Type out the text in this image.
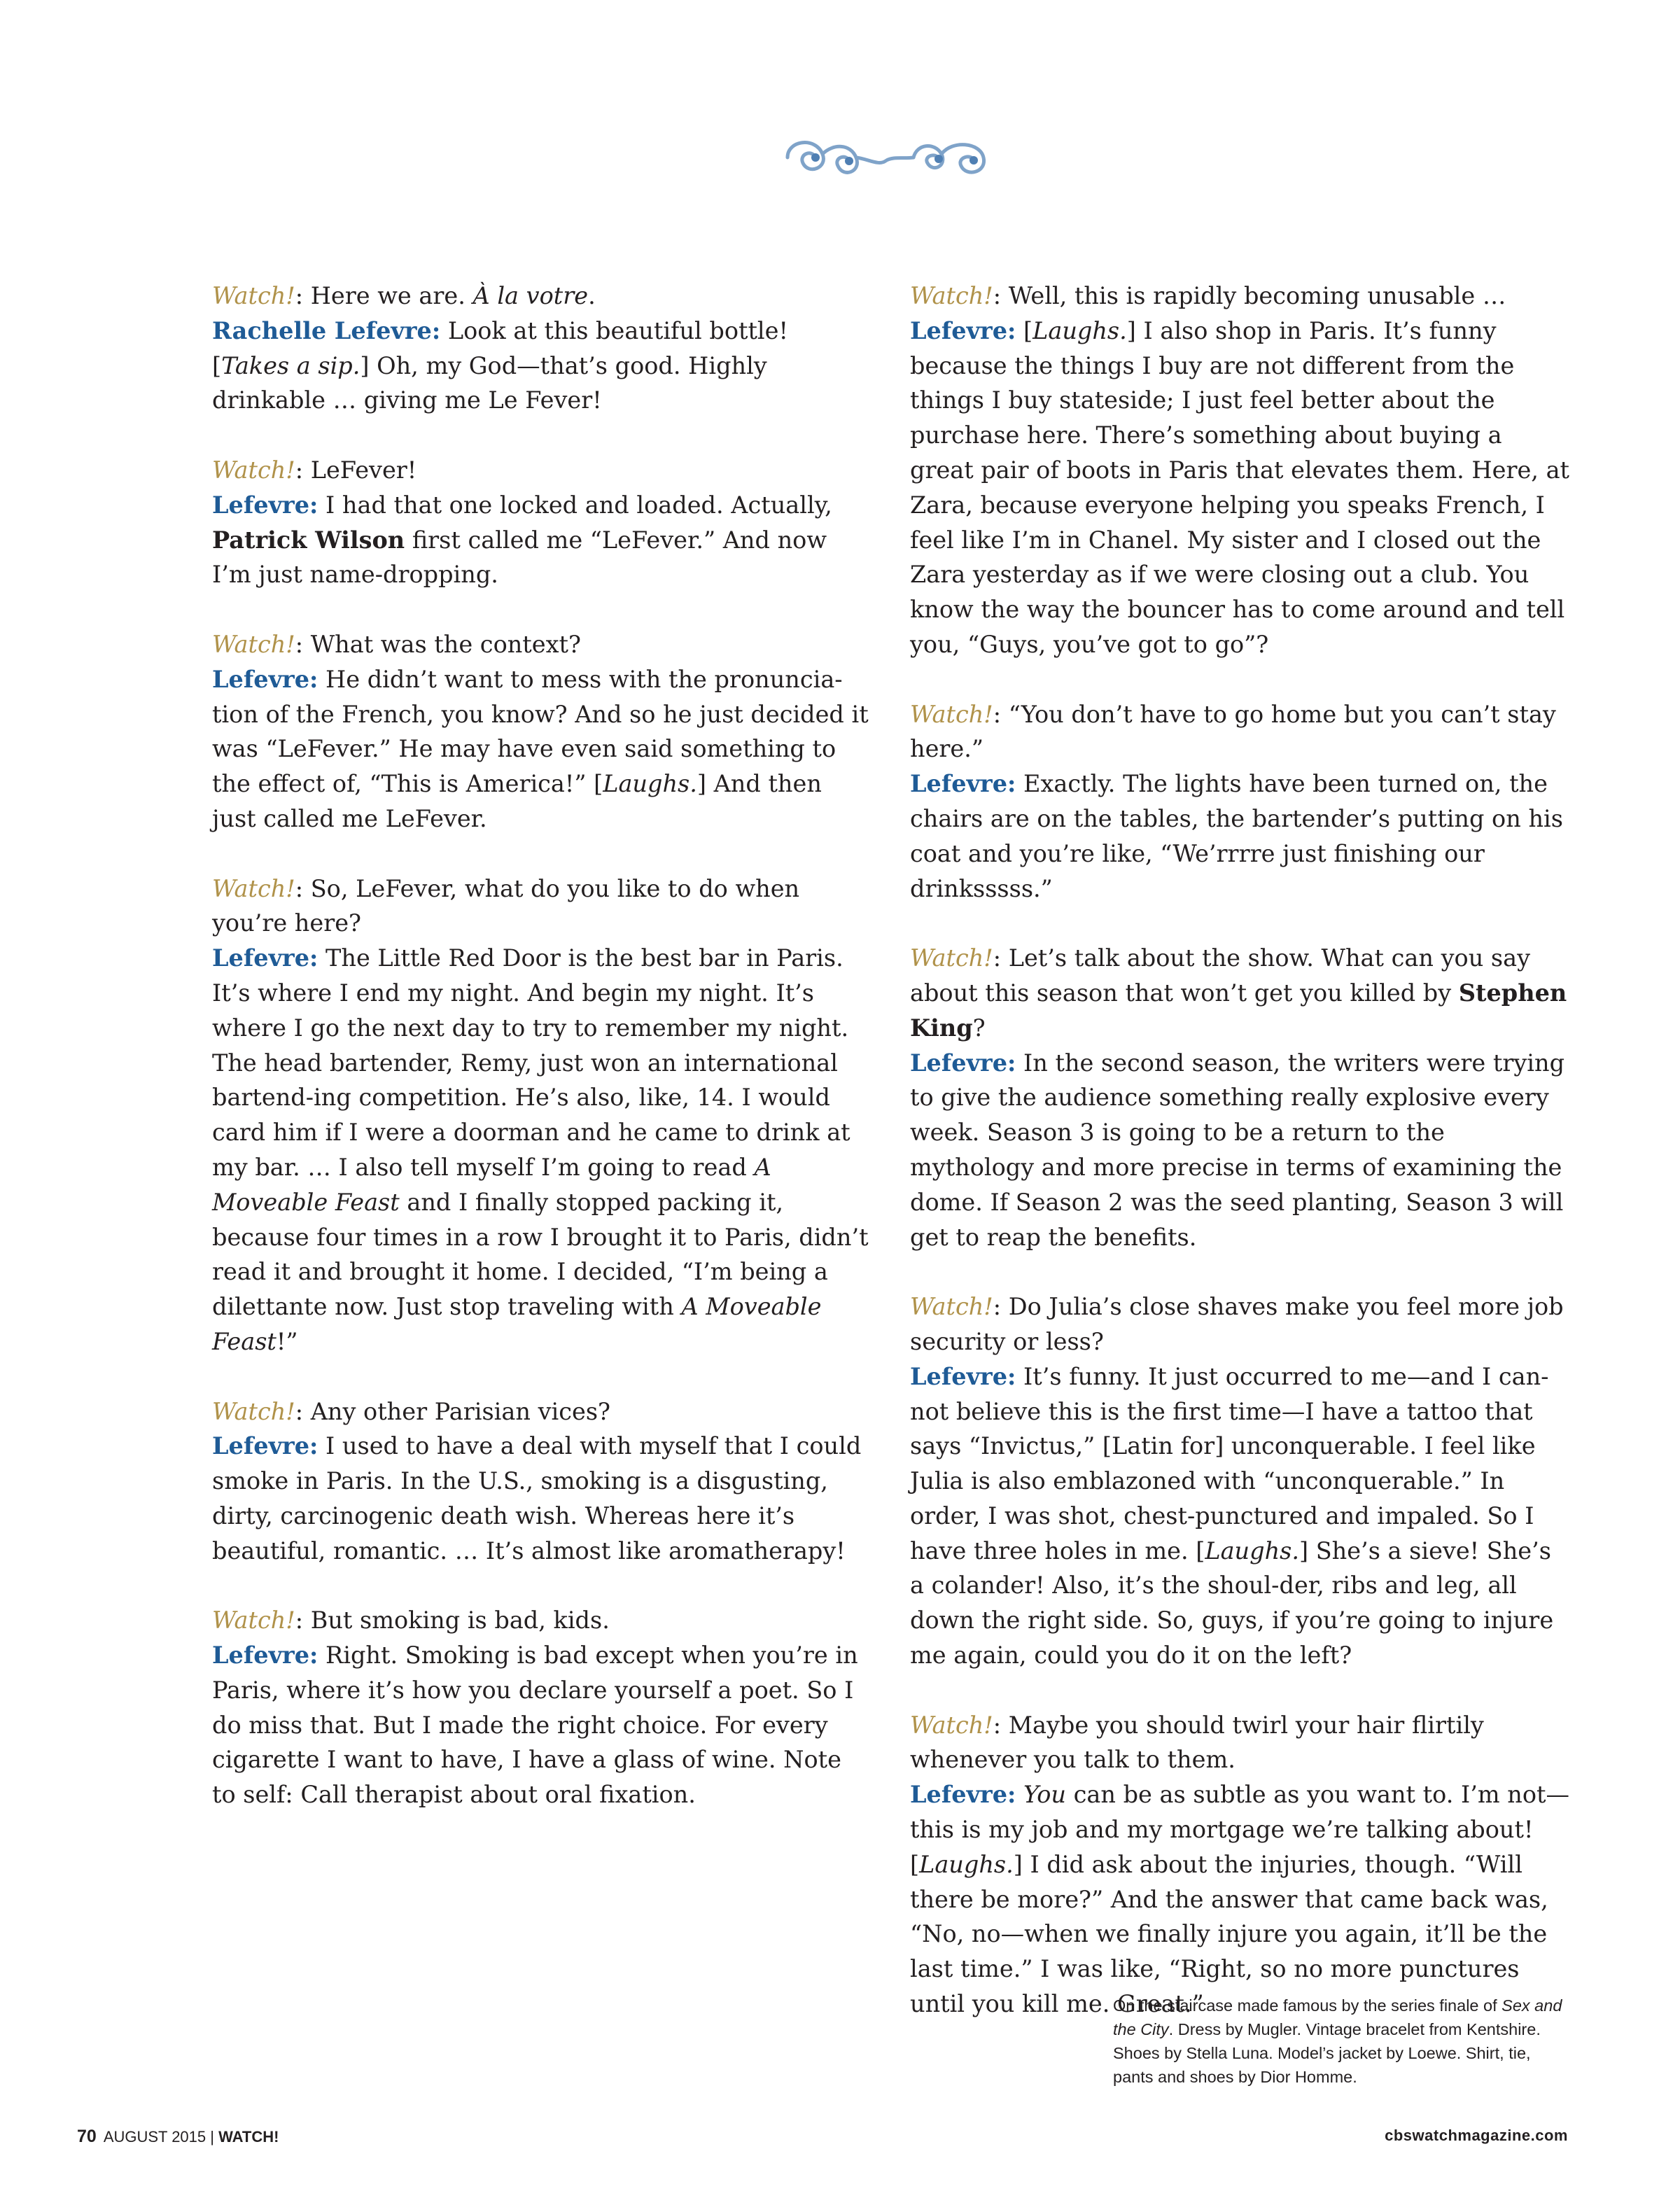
Watch!: Here we are. À la votre.
Rachelle Lefevre: Look at this beautiful bottle! [Takes a sip.] Oh, my God—that’s good. Highly drinkable … giving me Le Fever!

Watch!: LeFever!
Lefevre: I had that one locked and loaded. Actually, Patrick Wilson first called me “LeFever.” And now I’m just name-dropping.

Watch!: What was the context?
Lefevre: He didn’t want to mess with the pronuncia-tion of the French, you know? And so he just decided it was “LeFever.” He may have even said something to the effect of, “This is America!” [Laughs.] And then just called me LeFever.

Watch!: So, LeFever, what do you like to do when you’re here?
Lefevre: The Little Red Door is the best bar in Paris. It’s where I end my night. And begin my night. It’s where I go the next day to try to remember my night. The head bartender, Remy, just won an international bartend-ing competition. He’s also, like, 14. I would card him if I were a doorman and he came to drink at my bar. … I also tell myself I’m going to read A Moveable Feast and I finally stopped packing it, because four times in a row I brought it to Paris, didn’t read it and brought it home. I decided, “I’m being a dilettante now. Just stop traveling with A Moveable Feast!”

Watch!: Any other Parisian vices?
Lefevre: I used to have a deal with myself that I could smoke in Paris. In the U.S., smoking is a disgusting, dirty, carcinogenic death wish. Whereas here it’s beautiful, romantic. … It’s almost like aromatherapy!

Watch!: But smoking is bad, kids.
Lefevre: Right. Smoking is bad except when you’re in Paris, where it’s how you declare yourself a poet. So I do miss that. But I made the right choice. For every cigarette I want to have, I have a glass of wine. Note to self: Call therapist about oral fixation.

Watch!: Well, this is rapidly becoming unusable …
Lefevre: [Laughs.] I also shop in Paris. It’s funny because the things I buy are not different from the things I buy stateside; I just feel better about the purchase here. There’s something about buying a great pair of boots in Paris that elevates them. Here, at Zara, because everyone helping you speaks French, I feel like I’m in Chanel. My sister and I closed out the Zara yesterday as if we were closing out a club. You know the way the bouncer has to come around and tell you, “Guys, you’ve got to go”?

Watch!: “You don’t have to go home but you can’t stay here.”
Lefevre: Exactly. The lights have been turned on, the chairs are on the tables, the bartender’s putting on his coat and you’re like, “We’rrrre just finishing our drinksssss.”

Watch!: Let’s talk about the show. What can you say about this season that won’t get you killed by Stephen King?
Lefevre: In the second season, the writers were trying to give the audience something really explosive every week. Season 3 is going to be a return to the mythology and more precise in terms of examining the dome. If Season 2 was the seed planting, Season 3 will get to reap the benefits.

Watch!: Do Julia’s close shaves make you feel more job security or less?
Lefevre: It’s funny. It just occurred to me—and I can-not believe this is the first time—I have a tattoo that says “Invictus,” [Latin for] unconquerable. I feel like Julia is also emblazoned with “unconquerable.” In order, I was shot, chest-punctured and impaled. So I have three holes in me. [Laughs.] She’s a sieve! She’s a colander! Also, it’s the shoul-der, ribs and leg, all down the right side. So, guys, if you’re going to injure me again, could you do it on the left?

Watch!: Maybe you should twirl your hair flirtily whenever you talk to them.
Lefevre: You can be as subtle as you want to. I’m not—this is my job and my mortgage we’re talking about! [Laughs.] I did ask about the injuries, though. “Will there be more?” And the answer that came back was, “No, no—when we finally injure you again, it’ll be the last time.” I was like, “Right, so no more punctures until you kill me. Great.”

On the staircase made famous by the series finale of Sex and the City. Dress by Mugler. Vintage bracelet from Kentshire. Shoes by Stella Luna. Model’s jacket by Loewe. Shirt, tie, pants and shoes by Dior Homme.
70 AUGUST 2015 | WATCH!	cbswatchmagazine.com
